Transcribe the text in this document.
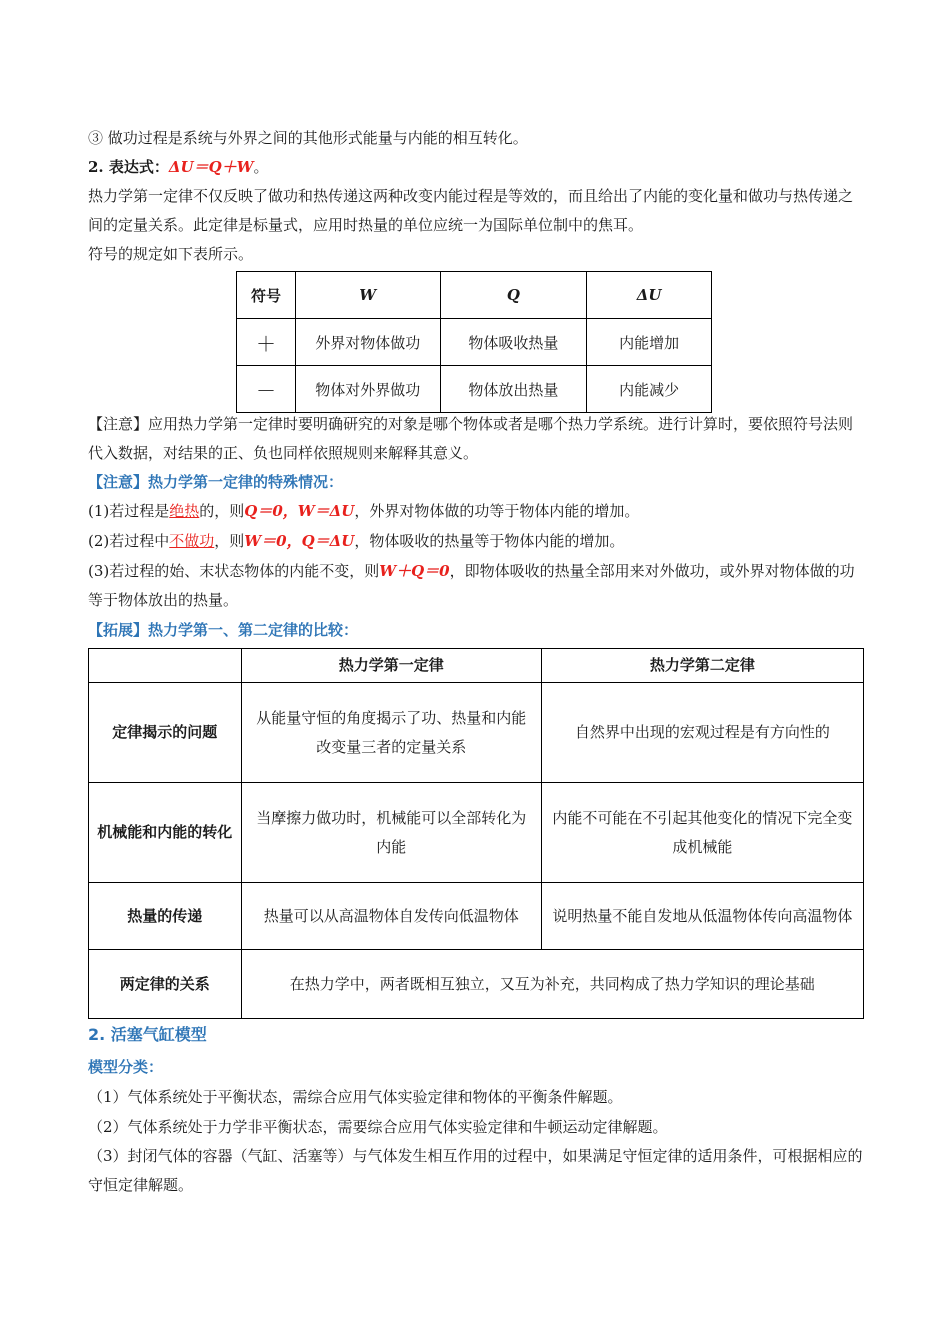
③ 做功过程是系统与外界之间的其他形式能量与内能的相互转化。
2. 表达式：ΔU＝Q＋W。
热力学第一定律不仅反映了做功和热传递这两种改变内能过程是等效的，而且给出了内能的变化量和做功与热传递之间的定量关系。此定律是标量式，应用时热量的单位应统一为国际单位制中的焦耳。
符号的规定如下表所示。
符号	W	Q	ΔU
＋	外界对物体做功	物体吸收热量	内能增加
－	物体对外界做功	物体放出热量	内能减少
【注意】应用热力学第一定律时要明确研究的对象是哪个物体或者是哪个热力学系统。进行计算时，要依照符号法则代入数据，对结果的正、负也同样依照规则来解释其意义。
【注意】热力学第一定律的特殊情况：
(1)若过程是绝热的，则Q＝0，W＝ΔU，外界对物体做的功等于物体内能的增加。
(2)若过程中不做功，则W＝0，Q＝ΔU，物体吸收的热量等于物体内能的增加。
(3)若过程的始、末状态物体的内能不变，则W＋Q＝0，即物体吸收的热量全部用来对外做功，或外界对物体做的功等于物体放出的热量。
【拓展】热力学第一、第二定律的比较：
	热力学第一定律	热力学第二定律
定律揭示的问题	从能量守恒的角度揭示了功、热量和内能改变量三者的定量关系	自然界中出现的宏观过程是有方向性的
机械能和内能的转化	当摩擦力做功时，机械能可以全部转化为内能	内能不可能在不引起其他变化的情况下完全变成机械能
热量的传递	热量可以从高温物体自发传向低温物体	说明热量不能自发地从低温物体传向高温物体
两定律的关系	在热力学中，两者既相互独立，又互为补充，共同构成了热力学知识的理论基础	
2. 活塞气缸模型
模型分类：
（1）气体系统处于平衡状态，需综合应用气体实验定律和物体的平衡条件解题。
（2）气体系统处于力学非平衡状态，需要综合应用气体实验定律和牛顿运动定律解题。
（3）封闭气体的容器（气缸、活塞等）与气体发生相互作用的过程中，如果满足守恒定律的适用条件，可根据相应的守恒定律解题。
